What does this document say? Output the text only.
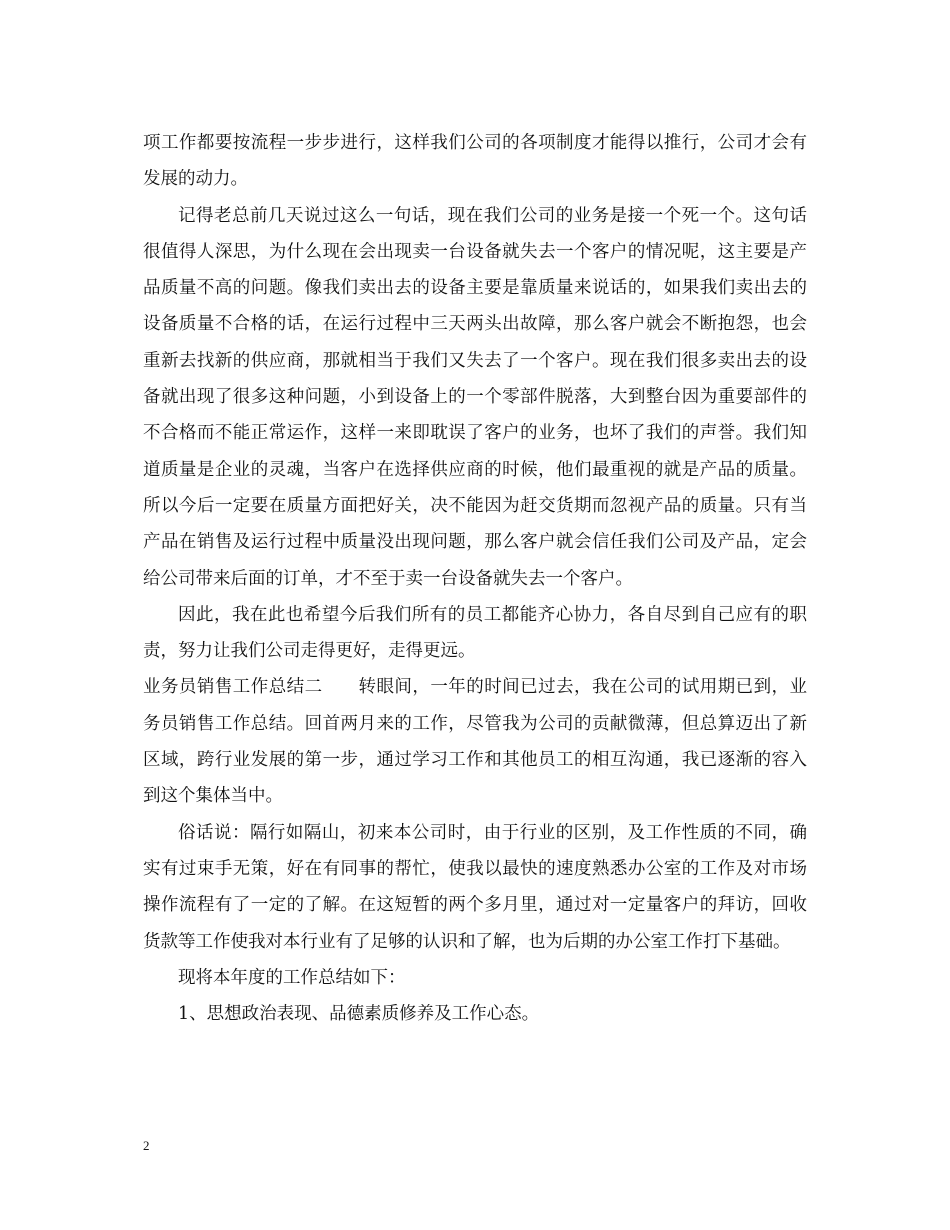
项工作都要按流程一步步进行，这样我们公司的各项制度才能得以推行，公司才会有发展的动力。

记得老总前几天说过这么一句话，现在我们公司的业务是接一个死一个。这句话很值得人深思，为什么现在会出现卖一台设备就失去一个客户的情况呢，这主要是产品质量不高的问题。像我们卖出去的设备主要是靠质量来说话的，如果我们卖出去的设备质量不合格的话，在运行过程中三天两头出故障，那么客户就会不断抱怨，也会重新去找新的供应商，那就相当于我们又失去了一个客户。现在我们很多卖出去的设备就出现了很多这种问题，小到设备上的一个零部件脱落，大到整台因为重要部件的不合格而不能正常运作，这样一来即耽误了客户的业务，也坏了我们的声誉。我们知道质量是企业的灵魂，当客户在选择供应商的时候，他们最重视的就是产品的质量。 所以今后一定要在质量方面把好关，决不能因为赶交货期而忽视产品的质量。只有当产品在销售及运行过程中质量没出现问题，那么客户就会信任我们公司及产品，定会给公司带来后面的订单，才不至于卖一台设备就失去一个客户。

因此，我在此也希望今后我们所有的员工都能齐心协力，各自尽到自己应有的职责，努力让我们公司走得更好，走得更远。

业务员销售工作总结二　　转眼间，一年的时间已过去，我在公司的试用期已到，业务员销售工作总结。回首两月来的工作，尽管我为公司的贡献微薄，但总算迈出了新区域，跨行业发展的第一步，通过学习工作和其他员工的相互沟通，我已逐渐的容入到这个集体当中。

俗话说：隔行如隔山，初来本公司时，由于行业的区别，及工作性质的不同，确实有过束手无策，好在有同事的帮忙，使我以最快的速度熟悉办公室的工作及对市场操作流程有了一定的了解。在这短暂的两个多月里，通过对一定量客户的拜访，回收货款等工作使我对本行业有了足够的认识和了解，也为后期的办公室工作打下基础。

现将本年度的工作总结如下：

1、思想政治表现、品德素质修养及工作心态。

2
